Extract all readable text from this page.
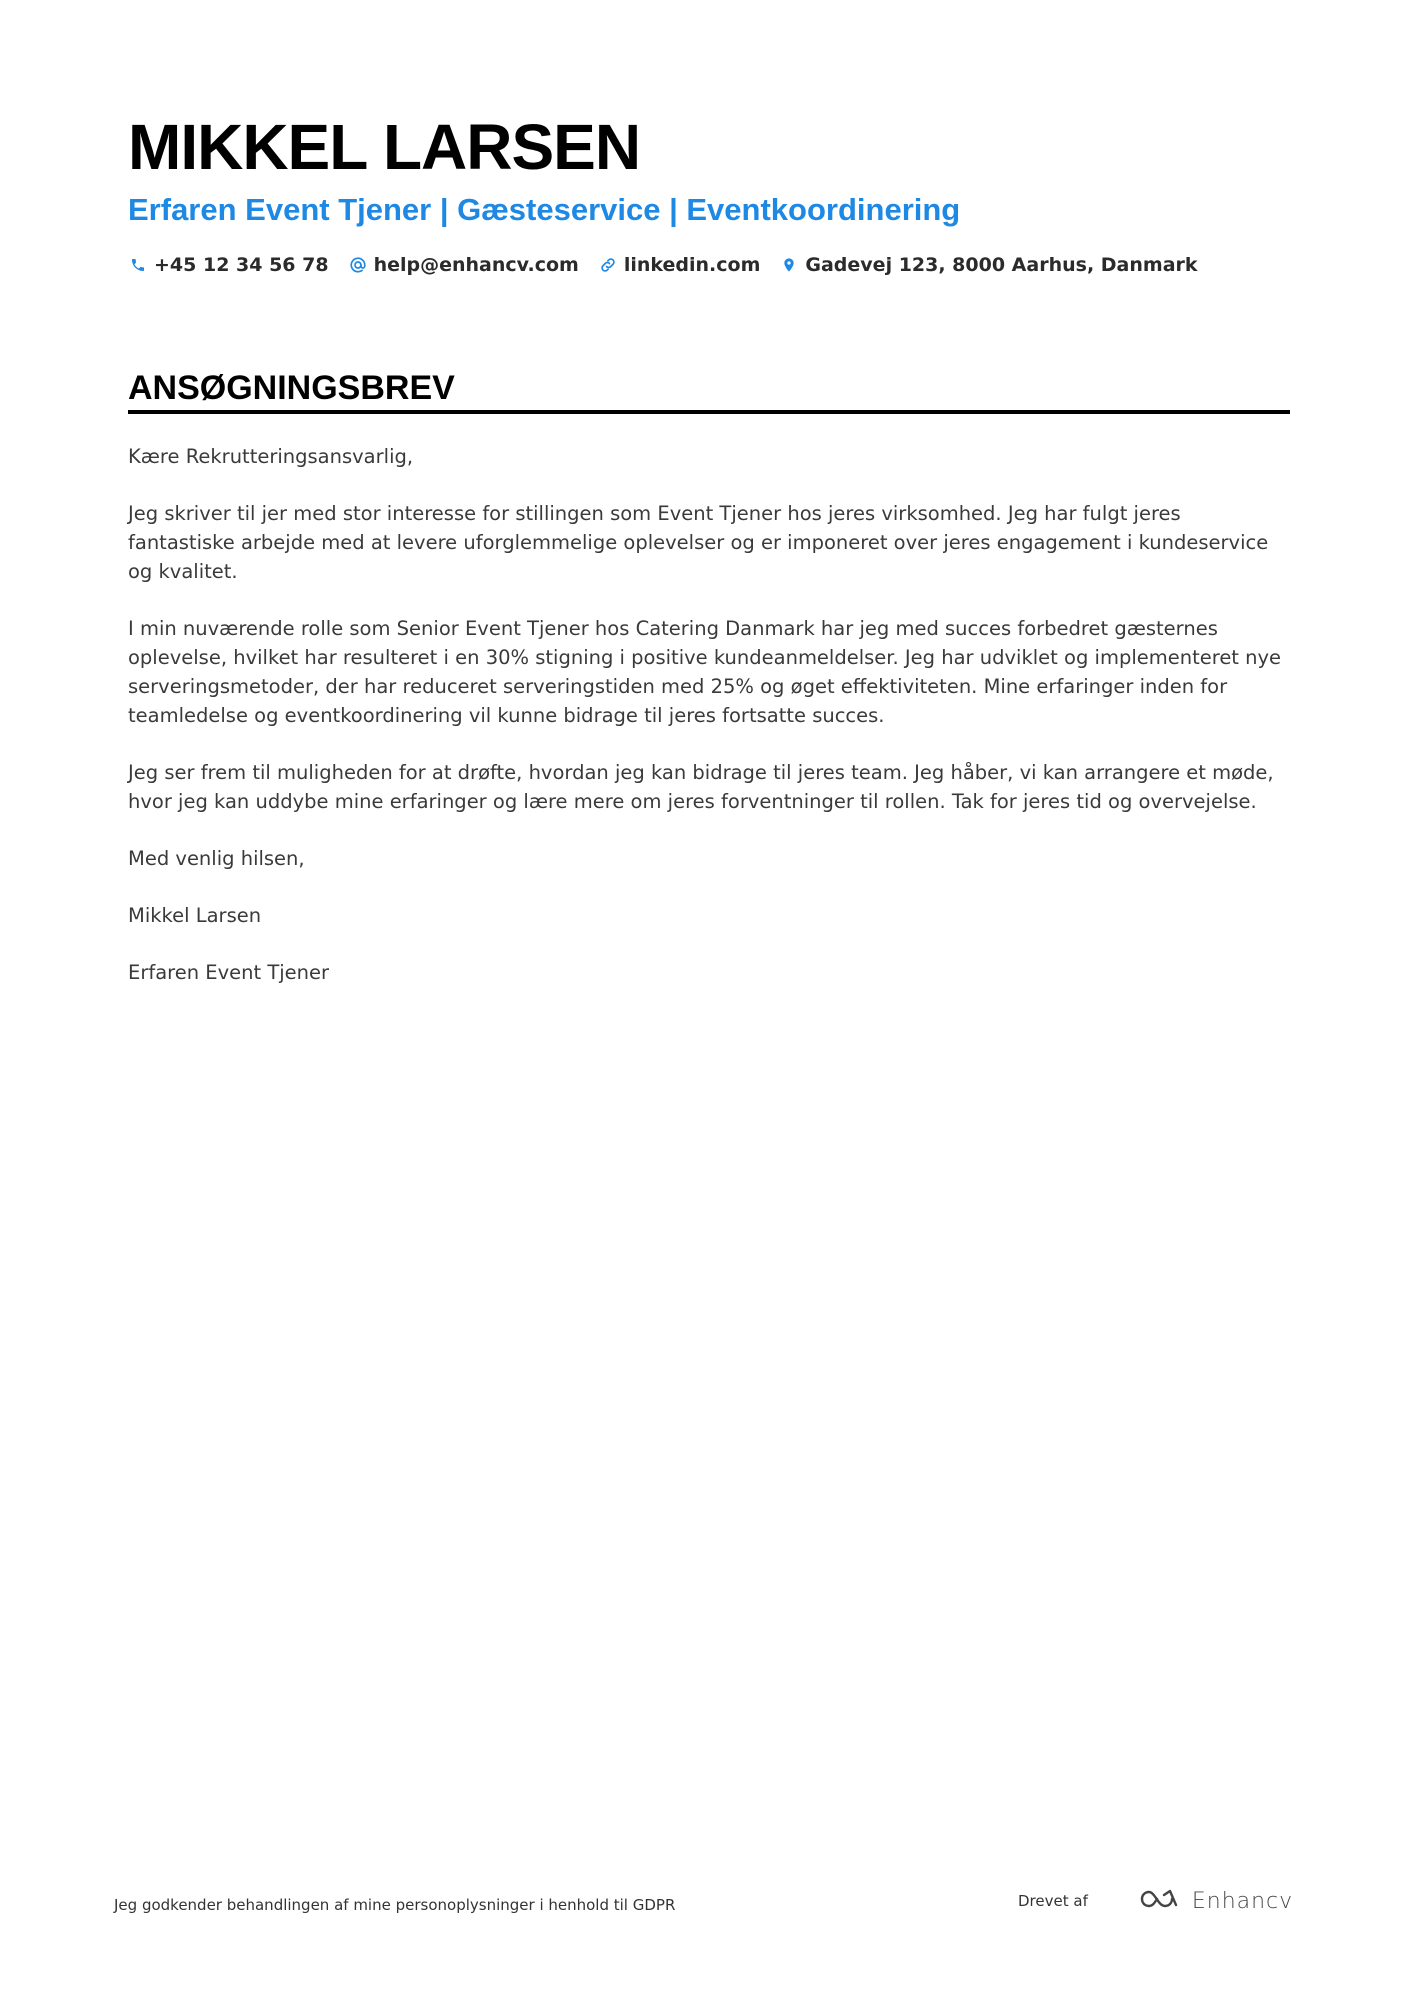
MIKKEL LARSEN
Erfaren Event Tjener | Gæsteservice | Eventkoordinering
+45 12 34 56 78 help@enhancv.com linkedin.com Gadevej 123, 8000 Aarhus, Danmark
ANSØGNINGSBREV

Kære Rekrutteringsansvarlig,

Jeg skriver til jer med stor interesse for stillingen som Event Tjener hos jeres virksomhed. Jeg har fulgt jeres fantastiske arbejde med at levere uforglemmelige oplevelser og er imponeret over jeres engagement i kundeservice og kvalitet.

I min nuværende rolle som Senior Event Tjener hos Catering Danmark har jeg med succes forbedret gæsternes oplevelse, hvilket har resulteret i en 30% stigning i positive kundeanmeldelser. Jeg har udviklet og implementeret nye serveringsmetoder, der har reduceret serveringstiden med 25% og øget effektiviteten. Mine erfaringer inden for teamledelse og eventkoordinering vil kunne bidrage til jeres fortsatte succes.

Jeg ser frem til muligheden for at drøfte, hvordan jeg kan bidrage til jeres team. Jeg håber, vi kan arrangere et møde, hvor jeg kan uddybe mine erfaringer og lære mere om jeres forventninger til rollen. Tak for jeres tid og overvejelse.

Med venlig hilsen,

Mikkel Larsen

Erfaren Event Tjener

Jeg godkender behandlingen af mine personoplysninger i henhold til GDPR	Drevet af	Enhancv
